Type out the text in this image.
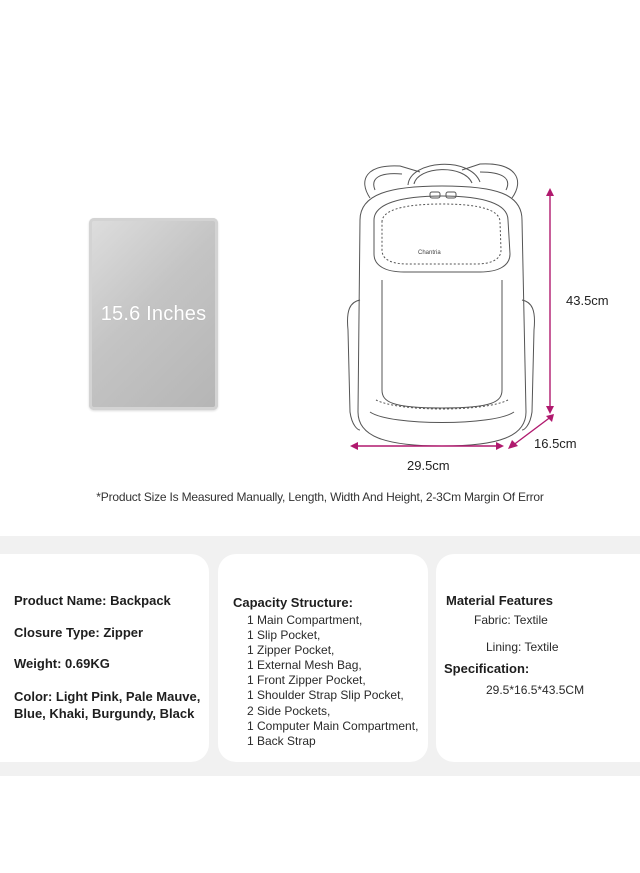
15.6 Inches
Chantria
43.5cm
16.5cm
29.5cm
*Product Size Is Measured Manually, Length, Width And Height, 2-3Cm Margin Of Error
Product Name: Backpack
Closure Type: Zipper
Weight: 0.69KG
Color: Light Pink, Pale Mauve,
Blue, Khaki, Burgundy, Black
Capacity Structure:
1 Main Compartment,
1 Slip Pocket,
1 Zipper Pocket,
1 External Mesh Bag,
1 Front Zipper Pocket,
1 Shoulder Strap Slip Pocket,
2 Side Pockets,
1 Computer Main Compartment,
1 Back Strap
Material Features
Fabric: Textile
Lining: Textile
Specification:
29.5*16.5*43.5CM
